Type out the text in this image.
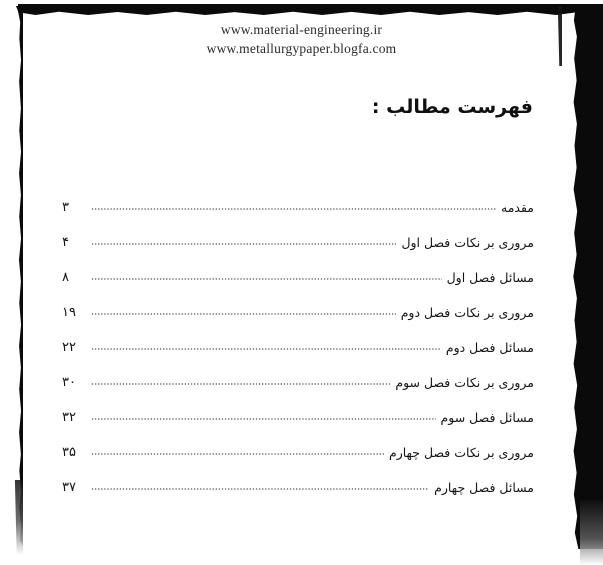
www.material-engineering.ir
www.metallurgypaper.blogfa.com
فهرست مطالب :
مقدمه
۳
مروری بر نکات فصل اول
۴
مسائل فصل اول
۸
مروری بر نکات فصل دوم
۱۹
مسائل فصل دوم
۲۲
مروری بر نکات فصل سوم
۳۰
مسائل فصل سوم
۳۲
مروری بر نکات فصل چهارم
۳۵
مسائل فصل چهارم
۳۷
